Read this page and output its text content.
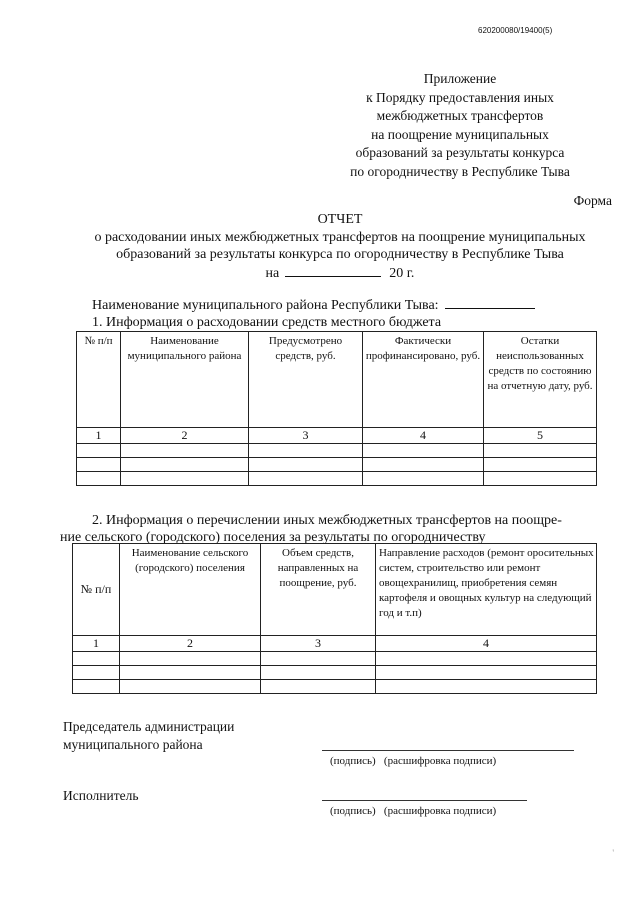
620200080/19400(5)
Приложение
к Порядку предоставления иных
межбюджетных трансфертов
на поощрение муниципальных
образований за результаты конкурса
по огородничеству в Республике Тыва
Форма
ОТЧЕТ
о расходовании иных межбюджетных трансфертов на поощрение муниципальных
образований за результаты конкурса по огородничеству в Республике Тыва
на	20 г.
Наименование муниципального района Республики Тыва:
1. Информация о расходовании средств местного бюджета
№ п/п	Наименование муниципального района	Предусмотрено средств, руб.	Фактически профинансировано, руб.	Остатки неиспользованных средств по состоянию на отчетную дату, руб.
1	2	3	4	5

2. Информация о перечислении иных межбюджетных трансфертов на поощре-
ние сельского (городского) поселения за результаты по огородничеству
№ п/п	Наименование сельского (городского) поселения	Объем средств, направленных на поощрение, руб.	Направление расходов (ремонт оросительных систем, строительство или ремонт овощехранилищ, приобретения семян картофеля и овощных культур на следующий год и т.п)
1	2	3	4

Председатель администрации
муниципального района
(подпись) (расшифровка подписи)
Исполнитель
(подпись) (расшифровка подписи)
'
